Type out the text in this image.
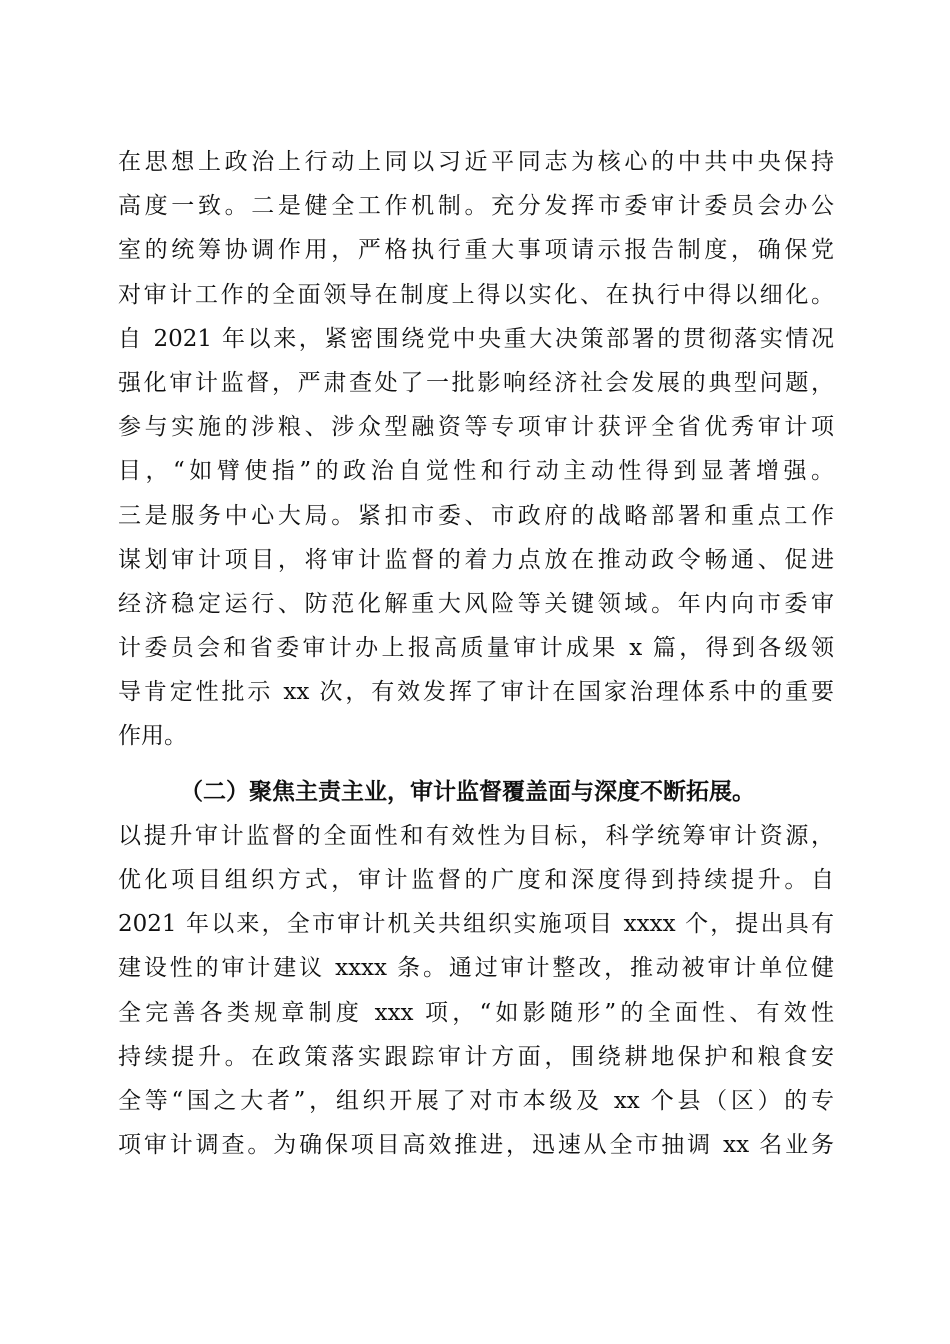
在思想上政治上行动上同以习近平同志为核心的中共中央保持
高度一致。二是健全工作机制。充分发挥市委审计委员会办公
室的统筹协调作用，严格执行重大事项请示报告制度，确保党
对审计工作的全面领导在制度上得以实化、在执行中得以细化。
自 2021 年以来，紧密围绕党中央重大决策部署的贯彻落实情况
强化审计监督，严肃查处了一批影响经济社会发展的典型问题，
参与实施的涉粮、涉众型融资等专项审计获评全省优秀审计项
目，“如臂使指”的政治自觉性和行动主动性得到显著增强。
三是服务中心大局。紧扣市委、市政府的战略部署和重点工作
谋划审计项目，将审计监督的着力点放在推动政令畅通、促进
经济稳定运行、防范化解重大风险等关键领域。年内向市委审
计委员会和省委审计办上报高质量审计成果 x 篇，得到各级领
导肯定性批示 xx 次，有效发挥了审计在国家治理体系中的重要
作用。
（二）聚焦主责主业，审计监督覆盖面与深度不断拓展。
以提升审计监督的全面性和有效性为目标，科学统筹审计资源，
优化项目组织方式，审计监督的广度和深度得到持续提升。自
2021 年以来，全市审计机关共组织实施项目 xxxx 个，提出具有
建设性的审计建议 xxxx 条。通过审计整改，推动被审计单位健
全完善各类规章制度 xxx 项，“如影随形”的全面性、有效性
持续提升。在政策落实跟踪审计方面，围绕耕地保护和粮食安
全等“国之大者”，组织开展了对市本级及 xx 个县（区）的专
项审计调查。为确保项目高效推进，迅速从全市抽调 xx 名业务
